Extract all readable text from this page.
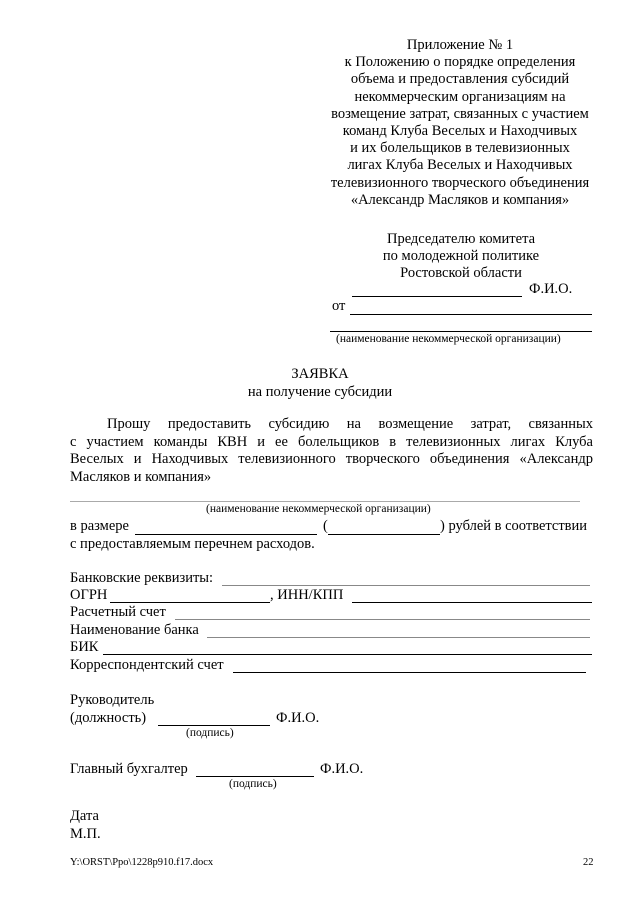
Приложение № 1
к Положению о порядке определения
объема и предоставления субсидий
некоммерческим организациям на
возмещение затрат, связанных с участием
команд Клуба Веселых и Находчивых
и их болельщиков в телевизионных
лигах Клуба Веселых и Находчивых
телевизионного творческого объединения
«Александр Масляков и компания»
Председателю комитета
по молодежной политике
Ростовской области
Ф.И.О.
от
(наименование некоммерческой организации)
ЗАЯВКА
на получение субсидии
Прошу предоставить субсидию на возмещение затрат, связанных
с участием команды КВН и ее болельщиков в телевизионных лигах Клуба
Веселых и Находчивых телевизионного творческого объединения «Александр
Масляков и компания»
(наименование некоммерческой организации)
в размере	(	) рублей в соответствии
с предоставляемым перечнем расходов.
Банковские реквизиты:
ОГРН	, ИНН/КПП
Расчетный счет
Наименование банка
БИК
Корреспондентский счет
Руководитель
(должность)	Ф.И.О.
(подпись)
Главный бухгалтер	Ф.И.О.
(подпись)
Дата
М.П.
Y:\ORST\Ppo\1228p910.f17.docx	22
